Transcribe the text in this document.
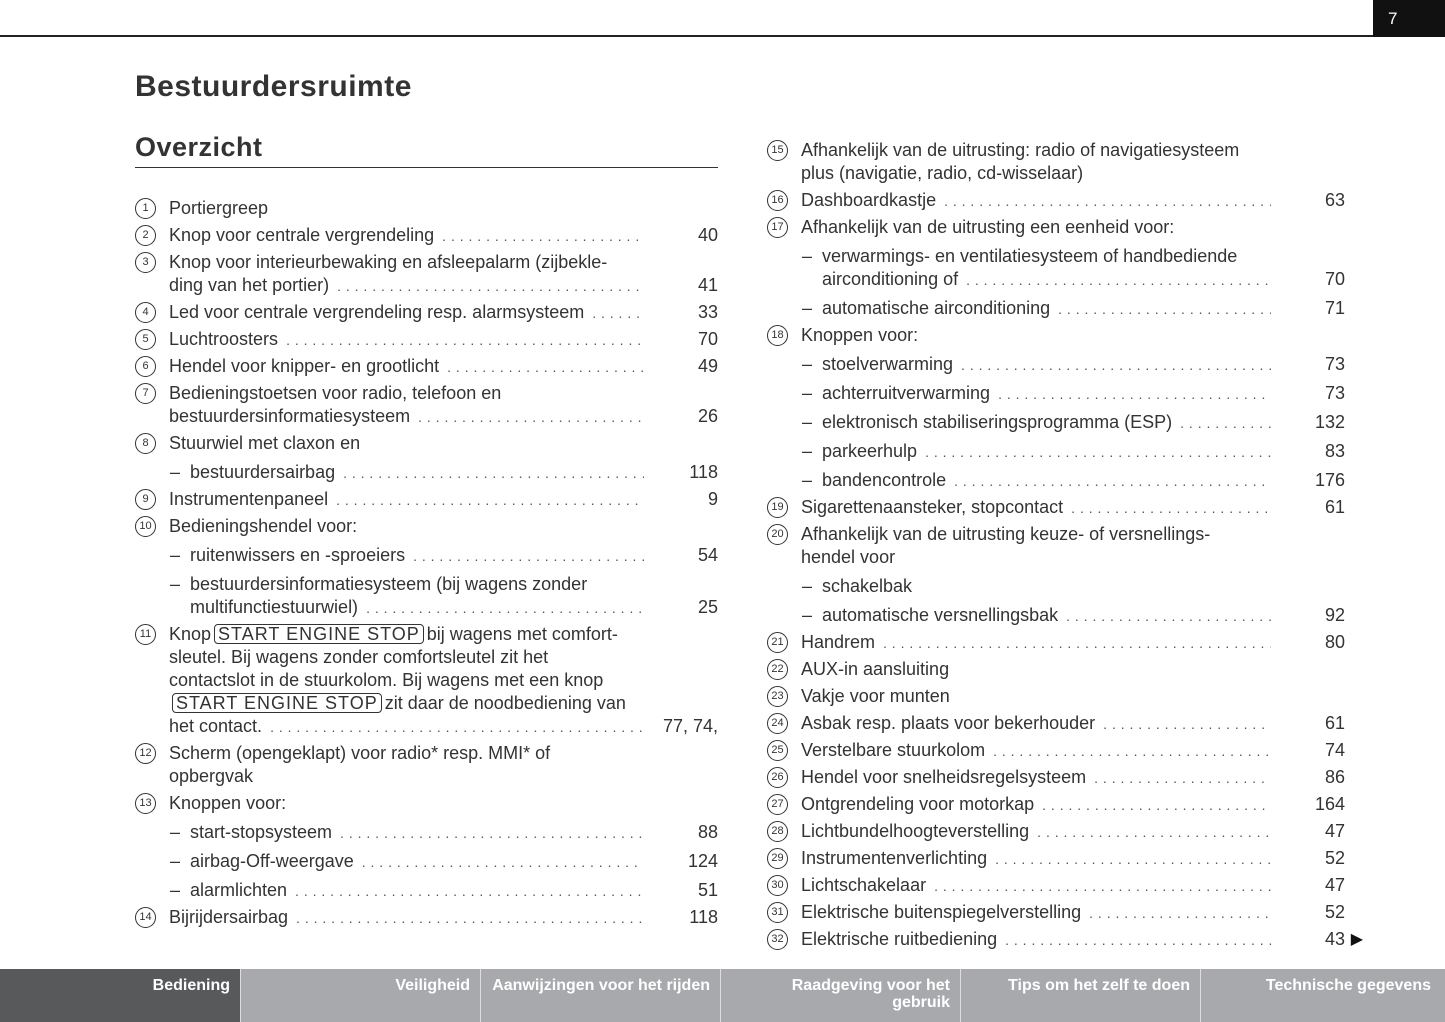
7
Bestuurdersruimte
Overzicht
1	Portiergreep
2	Knop voor centrale vergrendeling . . .	40
3	Knop voor interieurbewaking en afsleepalarm (zijbekle-
ding van het portier) . . .	41
4	Led voor centrale vergrendeling resp. alarmsysteem . . .	33
5	Luchtroosters . . .	70
6	Hendel voor knipper- en grootlicht . . .	49
7	Bedieningstoetsen voor radio, telefoon en
bestuurdersinformatiesysteem . . .	26
8	Stuurwiel met claxon en
– bestuurdersairbag . . .	118
9	Instrumentenpaneel . . .	9
10 Bedieningshendel voor:
– ruitenwissers en -sproeiers . . .	54
– bestuurdersinformatiesysteem (bij wagens zonder
multifunctiestuurwiel) . . .	25
11 Knop START ENGINE STOP bij wagens met comfort-
sleutel. Bij wagens zonder comfortsleutel zit het
contactslot in de stuurkolom. Bij wagens met een knop
START ENGINE STOP zit daar de noodbediening van
het contact. . . .	77, 74,
12 Scherm (opengeklapt) voor radio* resp. MMI* of
opbergvak
13 Knoppen voor:
– start-stopsysteem . . .	88
– airbag-Off-weergave . . .	124
– alarmlichten . . .	51
14 Bijrijdersairbag . . .	118
15 Afhankelijk van de uitrusting: radio of navigatiesysteem
plus (navigatie, radio, cd-wisselaar)
16 Dashboardkastje . . .	63
17 Afhankelijk van de uitrusting een eenheid voor:
– verwarmings- en ventilatiesysteem of handbediende
airconditioning of . . .	70
– automatische airconditioning . . .	71
18 Knoppen voor:
– stoelverwarming . . .	73
– achterruitverwarming . . .	73
– elektronisch stabiliseringsprogramma (ESP) . . .	132
– parkeerhulp . . .	83
– bandencontrole . . .	176
19 Sigarettenaansteker, stopcontact . . .	61
20 Afhankelijk van de uitrusting keuze- of versnellings-
hendel voor
– schakelbak
– automatische versnellingsbak . . .	92
21 Handrem . . .	80
22 AUX-in aansluiting
23 Vakje voor munten
24 Asbak resp. plaats voor bekerhouder . . .	61
25 Verstelbare stuurkolom . . .	74
26 Hendel voor snelheidsregelsysteem . . .	86
27 Ontgrendeling voor motorkap . . .	164
28 Lichtbundelhoogteverstelling . . .	47
29 Instrumentenverlichting . . .	52
30 Lichtschakelaar . . .	47
31 Elektrische buitenspiegelverstelling . . .	52
32 Elektrische ruitbediening . . .	43 ▶
Bediening	Veiligheid	Aanwijzingen voor het rijden	Raadgeving voor het gebruik
Tips om het zelf te doen	Technische gegevens
